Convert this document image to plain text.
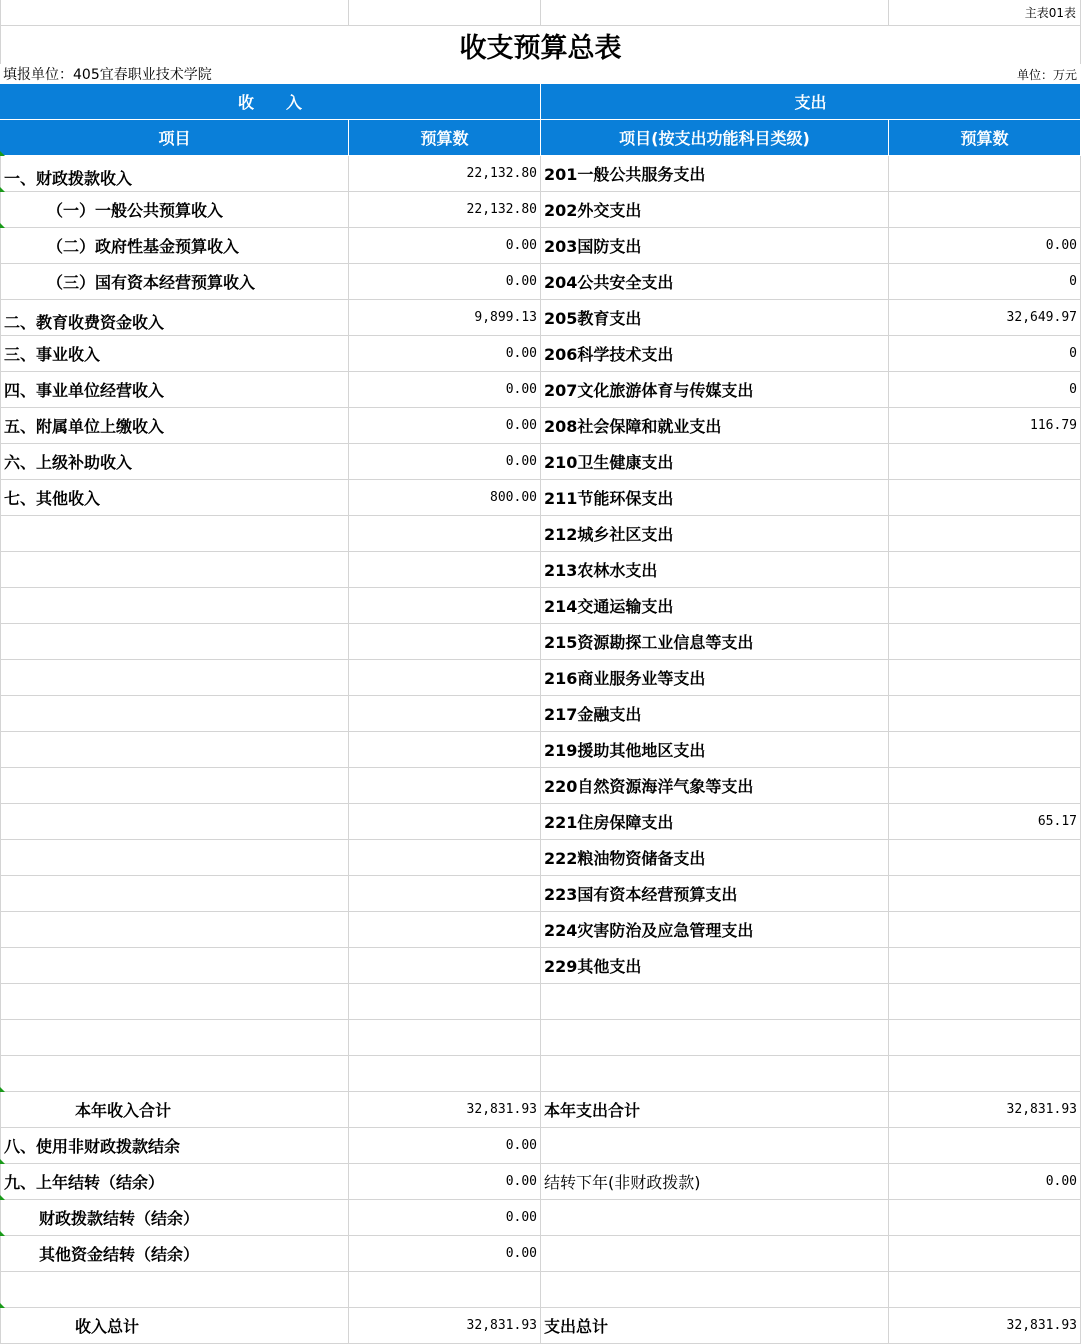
主表01表
收支预算总表
填报单位：405宜春职业技术学院	单位：万元
收　　入	支出
项目	预算数	项目(按支出功能科目类级)	预算数
一、财政拨款收入	22,132.80 201一般公共服务支出
（一）一般公共预算收入	22,132.80 202外交支出
（二）政府性基金预算收入	0.00 203国防支出	0.00
（三）国有资本经营预算收入	0.00 204公共安全支出	0
二、教育收费资金收入	9,899.13 205教育支出	32,649.97
三、事业收入	0.00 206科学技术支出	0
四、事业单位经营收入	0.00 207文化旅游体育与传媒支出	0
五、附属单位上缴收入	0.00 208社会保障和就业支出	116.79
六、上级补助收入	0.00 210卫生健康支出
七、其他收入	800.00 211节能环保支出
212城乡社区支出
213农林水支出
214交通运输支出
215资源勘探工业信息等支出
216商业服务业等支出
217金融支出
219援助其他地区支出
220自然资源海洋气象等支出
221住房保障支出	65.17
222粮油物资储备支出
223国有资本经营预算支出
224灾害防治及应急管理支出
229其他支出
本年收入合计	32,831.93 本年支出合计	32,831.93
八、使用非财政拨款结余	0.00
九、上年结转（结余）	0.00 结转下年(非财政拨款)	0.00
财政拨款结转（结余）	0.00
其他资金结转（结余）	0.00
收入总计	32,831.93 支出总计	32,831.93
